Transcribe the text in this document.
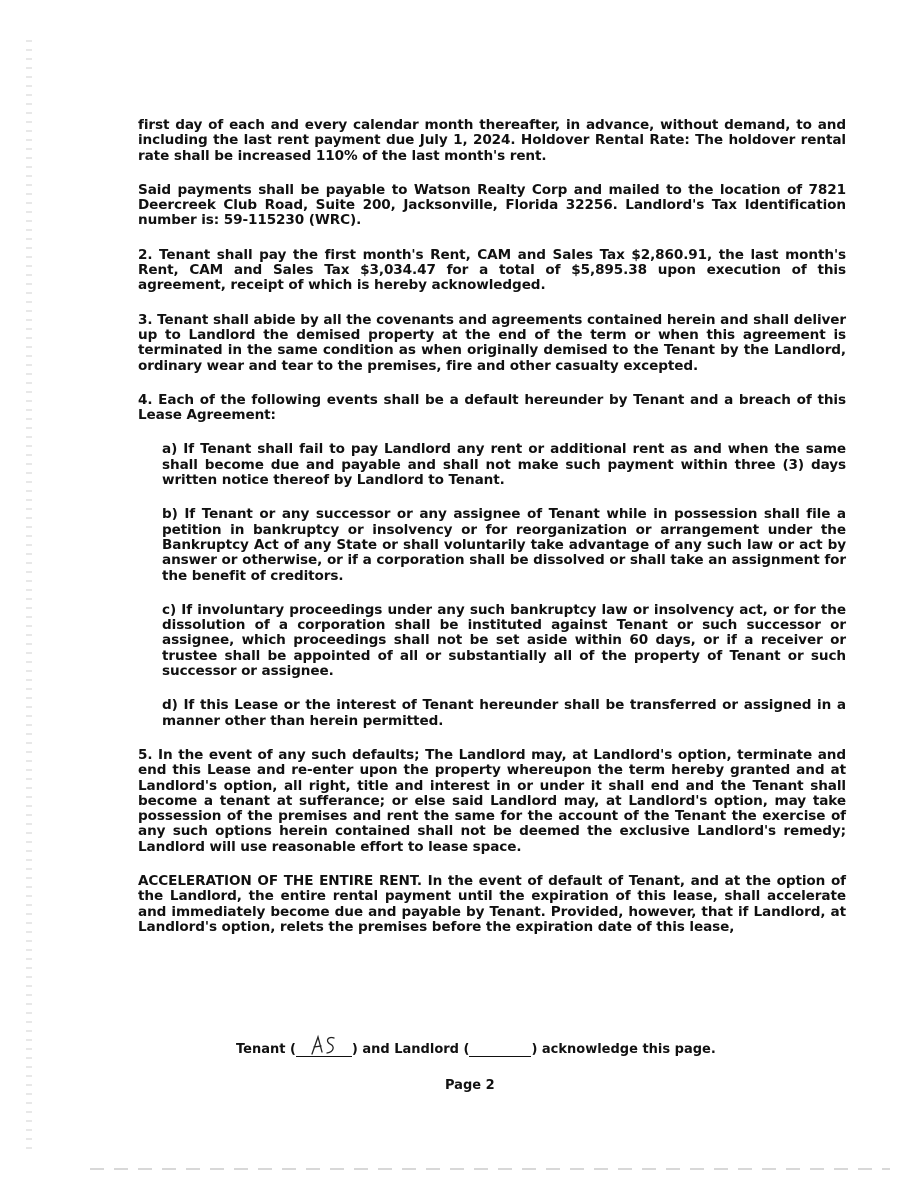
first day of each and every calendar month thereafter, in advance, without demand, to and including the last rent payment due July 1, 2024. Holdover Rental Rate: The holdover rental rate shall be increased 110% of the last month's rent.

Said payments shall be payable to Watson Realty Corp and mailed to the location of 7821 Deercreek Club Road, Suite 200, Jacksonville, Florida 32256. Landlord's Tax Identification number is: 59-115230 (WRC).

2. Tenant shall pay the first month's Rent, CAM and Sales Tax $2,860.91, the last month's Rent, CAM and Sales Tax $3,034.47 for a total of $5,895.38 upon execution of this agreement, receipt of which is hereby acknowledged.

3. Tenant shall abide by all the covenants and agreements contained herein and shall deliver up to Landlord the demised property at the end of the term or when this agreement is terminated in the same condition as when originally demised to the Tenant by the Landlord, ordinary wear and tear to the premises, fire and other casualty excepted.

4. Each of the following events shall be a default hereunder by Tenant and a breach of this Lease Agreement:

a) If Tenant shall fail to pay Landlord any rent or additional rent as and when the same shall become due and payable and shall not make such payment within three (3) days written notice thereof by Landlord to Tenant.

b) If Tenant or any successor or any assignee of Tenant while in possession shall file a petition in bankruptcy or insolvency or for reorganization or arrangement under the Bankruptcy Act of any State or shall voluntarily take advantage of any such law or act by answer or otherwise, or if a corporation shall be dissolved or shall take an assignment for the benefit of creditors.

c) If involuntary proceedings under any such bankruptcy law or insolvency act, or for the dissolution of a corporation shall be instituted against Tenant or such successor or assignee, which proceedings shall not be set aside within 60 days, or if a receiver or trustee shall be appointed of all or substantially all of the property of Tenant or such successor or assignee.

d) If this Lease or the interest of Tenant hereunder shall be transferred or assigned in a manner other than herein permitted.

5. In the event of any such defaults; The Landlord may, at Landlord's option, terminate and end this Lease and re-enter upon the property whereupon the term hereby granted and at Landlord's option, all right, title and interest in or under it shall end and the Tenant shall become a tenant at sufferance; or else said Landlord may, at Landlord's option, may take possession of the premises and rent the same for the account of the Tenant the exercise of any such options herein contained shall not be deemed the exclusive Landlord's remedy; Landlord will use reasonable effort to lease space.

ACCELERATION OF THE ENTIRE RENT. In the event of default of Tenant, and at the option of the Landlord, the entire rental payment until the expiration of this lease, shall accelerate and immediately become due and payable by Tenant. Provided, however, that if Landlord, at Landlord's option, relets the premises before the expiration date of this lease,

Tenant (	) and Landlord (	) acknowledge this page.
Page 2
